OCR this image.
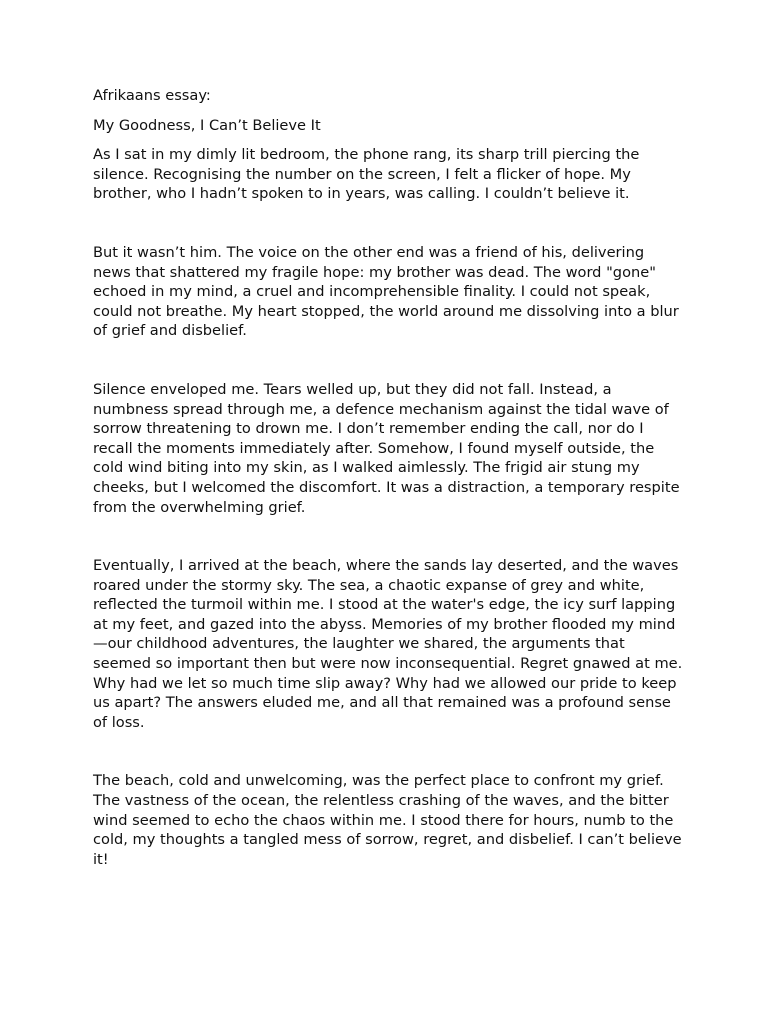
Afrikaans essay:

My Goodness, I Can’t Believe It

As I sat in my dimly lit bedroom, the phone rang, its sharp trill piercing the silence. Recognising the number on the screen, I felt a flicker of hope. My brother, who I hadn’t spoken to in years, was calling. I couldn’t believe it.

But it wasn’t him. The voice on the other end was a friend of his, delivering news that shattered my fragile hope: my brother was dead. The word "gone" echoed in my mind, a cruel and incomprehensible finality. I could not speak, could not breathe. My heart stopped, the world around me dissolving into a blur of grief and disbelief.

Silence enveloped me. Tears welled up, but they did not fall. Instead, a numbness spread through me, a defence mechanism against the tidal wave of sorrow threatening to drown me. I don’t remember ending the call, nor do I recall the moments immediately after. Somehow, I found myself outside, the cold wind biting into my skin, as I walked aimlessly. The frigid air stung my cheeks, but I welcomed the discomfort. It was a distraction, a temporary respite from the overwhelming grief.

Eventually, I arrived at the beach, where the sands lay deserted, and the waves roared under the stormy sky. The sea, a chaotic expanse of grey and white, reflected the turmoil within me. I stood at the water's edge, the icy surf lapping at my feet, and gazed into the abyss. Memories of my brother flooded my mind—our childhood adventures, the laughter we shared, the arguments that seemed so important then but were now inconsequential. Regret gnawed at me. Why had we let so much time slip away? Why had we allowed our pride to keep us apart? The answers eluded me, and all that remained was a profound sense of loss.

The beach, cold and unwelcoming, was the perfect place to confront my grief. The vastness of the ocean, the relentless crashing of the waves, and the bitter wind seemed to echo the chaos within me. I stood there for hours, numb to the cold, my thoughts a tangled mess of sorrow, regret, and disbelief. I can’t believe it!
